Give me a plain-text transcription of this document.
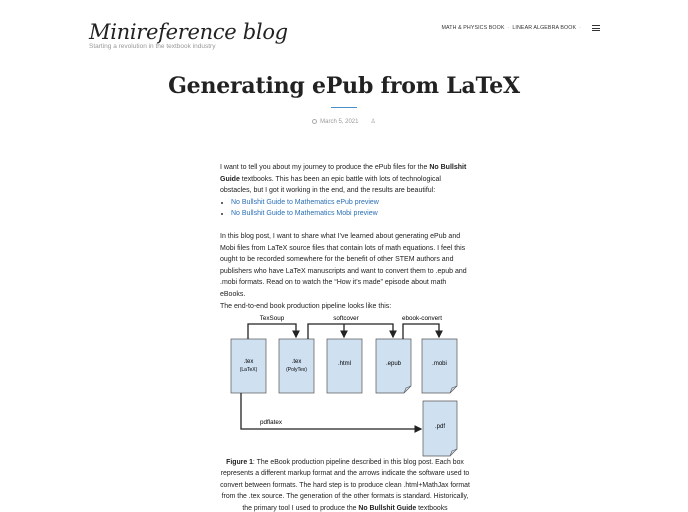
Minireference blog
Starting a revolution in the textbook industry
MATH & PHYSICS BOOK · LINEAR ALGEBRA BOOK ·
Generating ePub from LaTeX
March 5, 2021 ♙

I want to tell you about my journey to produce the ePub files for the No Bullshit Guide textbooks. This has been an epic battle with lots of technological obstacles, but I got it working in the end, and the results are beautiful:

• No Bullshit Guide to Mathematics ePub preview
• No Bullshit Guide to Mathematics Mobi preview

In this blog post, I want to share what I’ve learned about generating ePub and Mobi files from LaTeX source files that contain lots of math equations. I feel this ought to be recorded somewhere for the benefit of other STEM authors and publishers who have LaTeX manuscripts and want to convert them to .epub and .mobi formats. Read on to watch the “How it’s made” episode about math eBooks.

The end-to-end book production pipeline looks like this:

.tex
(LaTeX)
.tex
(PolyTex)
.html	.epub	.mobi
.pdf
TexSoup	softcover	ebook-convert
pdflatex
Figure 1: The eBook production pipeline described in this blog post. Each box represents a different markup format and the arrows indicate the software used to convert between formats. The hard step is to produce clean .html+MathJax format from the .tex source. The generation of the other formats is standard. Historically, the primary tool I used to produce the No Bullshit Guide textbooks
